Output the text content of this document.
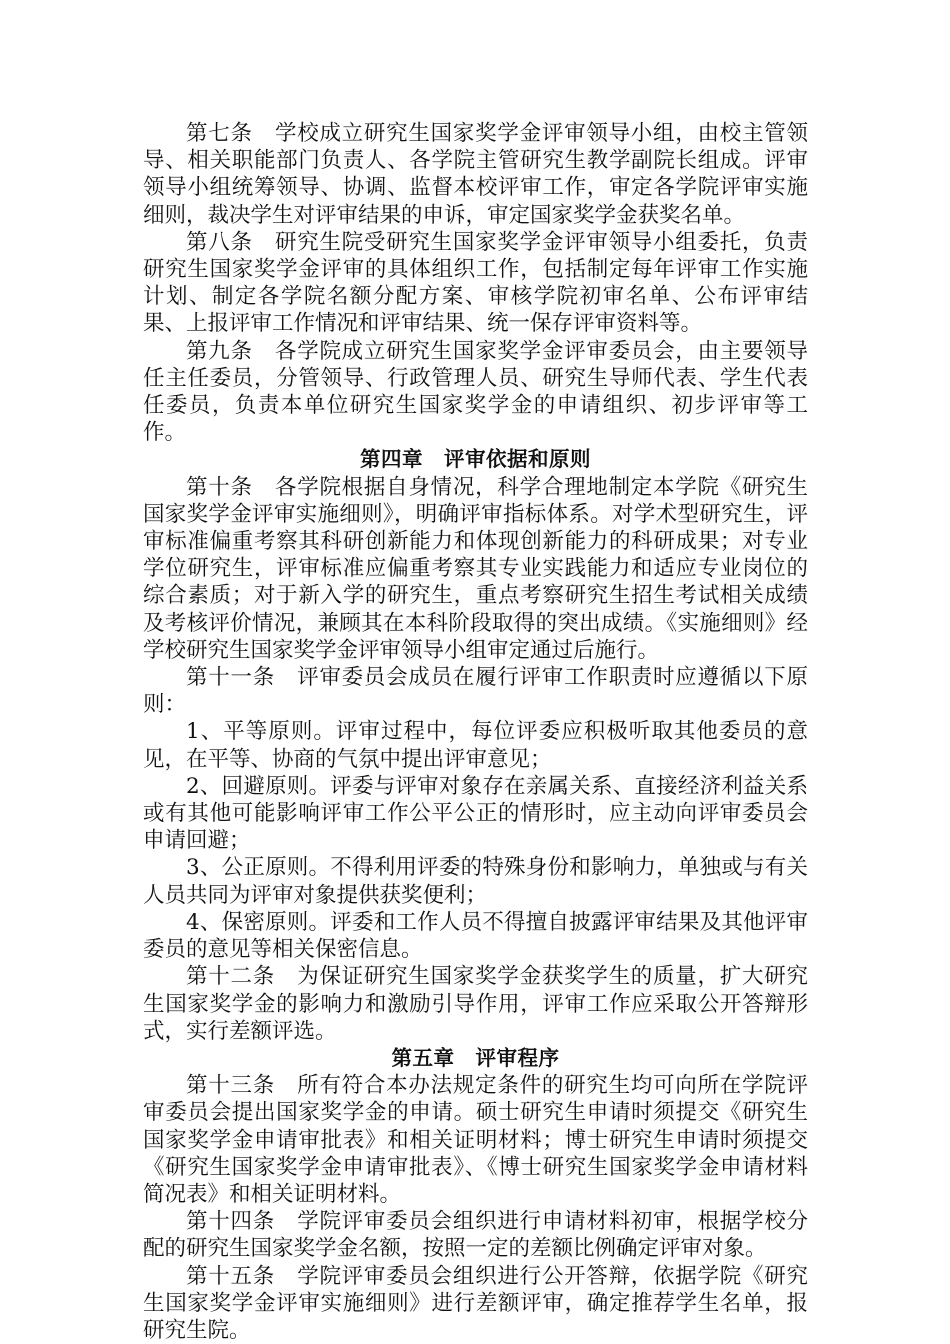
第七条　学校成立研究生国家奖学金评审领导小组，由校主管领导、相关职能部门负责人、各学院主管研究生教学副院长组成。评审领导小组统筹领导、协调、监督本校评审工作，审定各学院评审实施细则，裁决学生对评审结果的申诉，审定国家奖学金获奖名单。

第八条　研究生院受研究生国家奖学金评审领导小组委托，负责研究生国家奖学金评审的具体组织工作，包括制定每年评审工作实施计划、制定各学院名额分配方案、审核学院初审名单、公布评审结果、上报评审工作情况和评审结果、统一保存评审资料等。

第九条　各学院成立研究生国家奖学金评审委员会，由主要领导任主任委员，分管领导、行政管理人员、研究生导师代表、学生代表任委员，负责本单位研究生国家奖学金的申请组织、初步评审等工作。

第四章　评审依据和原则

第十条　各学院根据自身情况，科学合理地制定本学院《研究生国家奖学金评审实施细则》，明确评审指标体系。对学术型研究生，评审标准偏重考察其科研创新能力和体现创新能力的科研成果；对专业学位研究生，评审标准应偏重考察其专业实践能力和适应专业岗位的综合素质；对于新入学的研究生，重点考察研究生招生考试相关成绩及考核评价情况，兼顾其在本科阶段取得的突出成绩。《实施细则》经学校研究生国家奖学金评审领导小组审定通过后施行。

第十一条　评审委员会成员在履行评审工作职责时应遵循以下原则：

1、平等原则。评审过程中，每位评委应积极听取其他委员的意见，在平等、协商的气氛中提出评审意见；

2、回避原则。评委与评审对象存在亲属关系、直接经济利益关系或有其他可能影响评审工作公平公正的情形时，应主动向评审委员会申请回避；

3、公正原则。不得利用评委的特殊身份和影响力，单独或与有关人员共同为评审对象提供获奖便利；

4、保密原则。评委和工作人员不得擅自披露评审结果及其他评审委员的意见等相关保密信息。

第十二条　为保证研究生国家奖学金获奖学生的质量，扩大研究生国家奖学金的影响力和激励引导作用，评审工作应采取公开答辩形式，实行差额评选。

第五章　评审程序

第十三条　所有符合本办法规定条件的研究生均可向所在学院评审委员会提出国家奖学金的申请。硕士研究生申请时须提交《研究生国家奖学金申请审批表》和相关证明材料；博士研究生申请时须提交《研究生国家奖学金申请审批表》、《博士研究生国家奖学金申请材料简况表》和相关证明材料。

第十四条　学院评审委员会组织进行申请材料初审，根据学校分配的研究生国家奖学金名额，按照一定的差额比例确定评审对象。

第十五条　学院评审委员会组织进行公开答辩，依据学院《研究生国家奖学金评审实施细则》进行差额评审，确定推荐学生名单，报研究生院。
